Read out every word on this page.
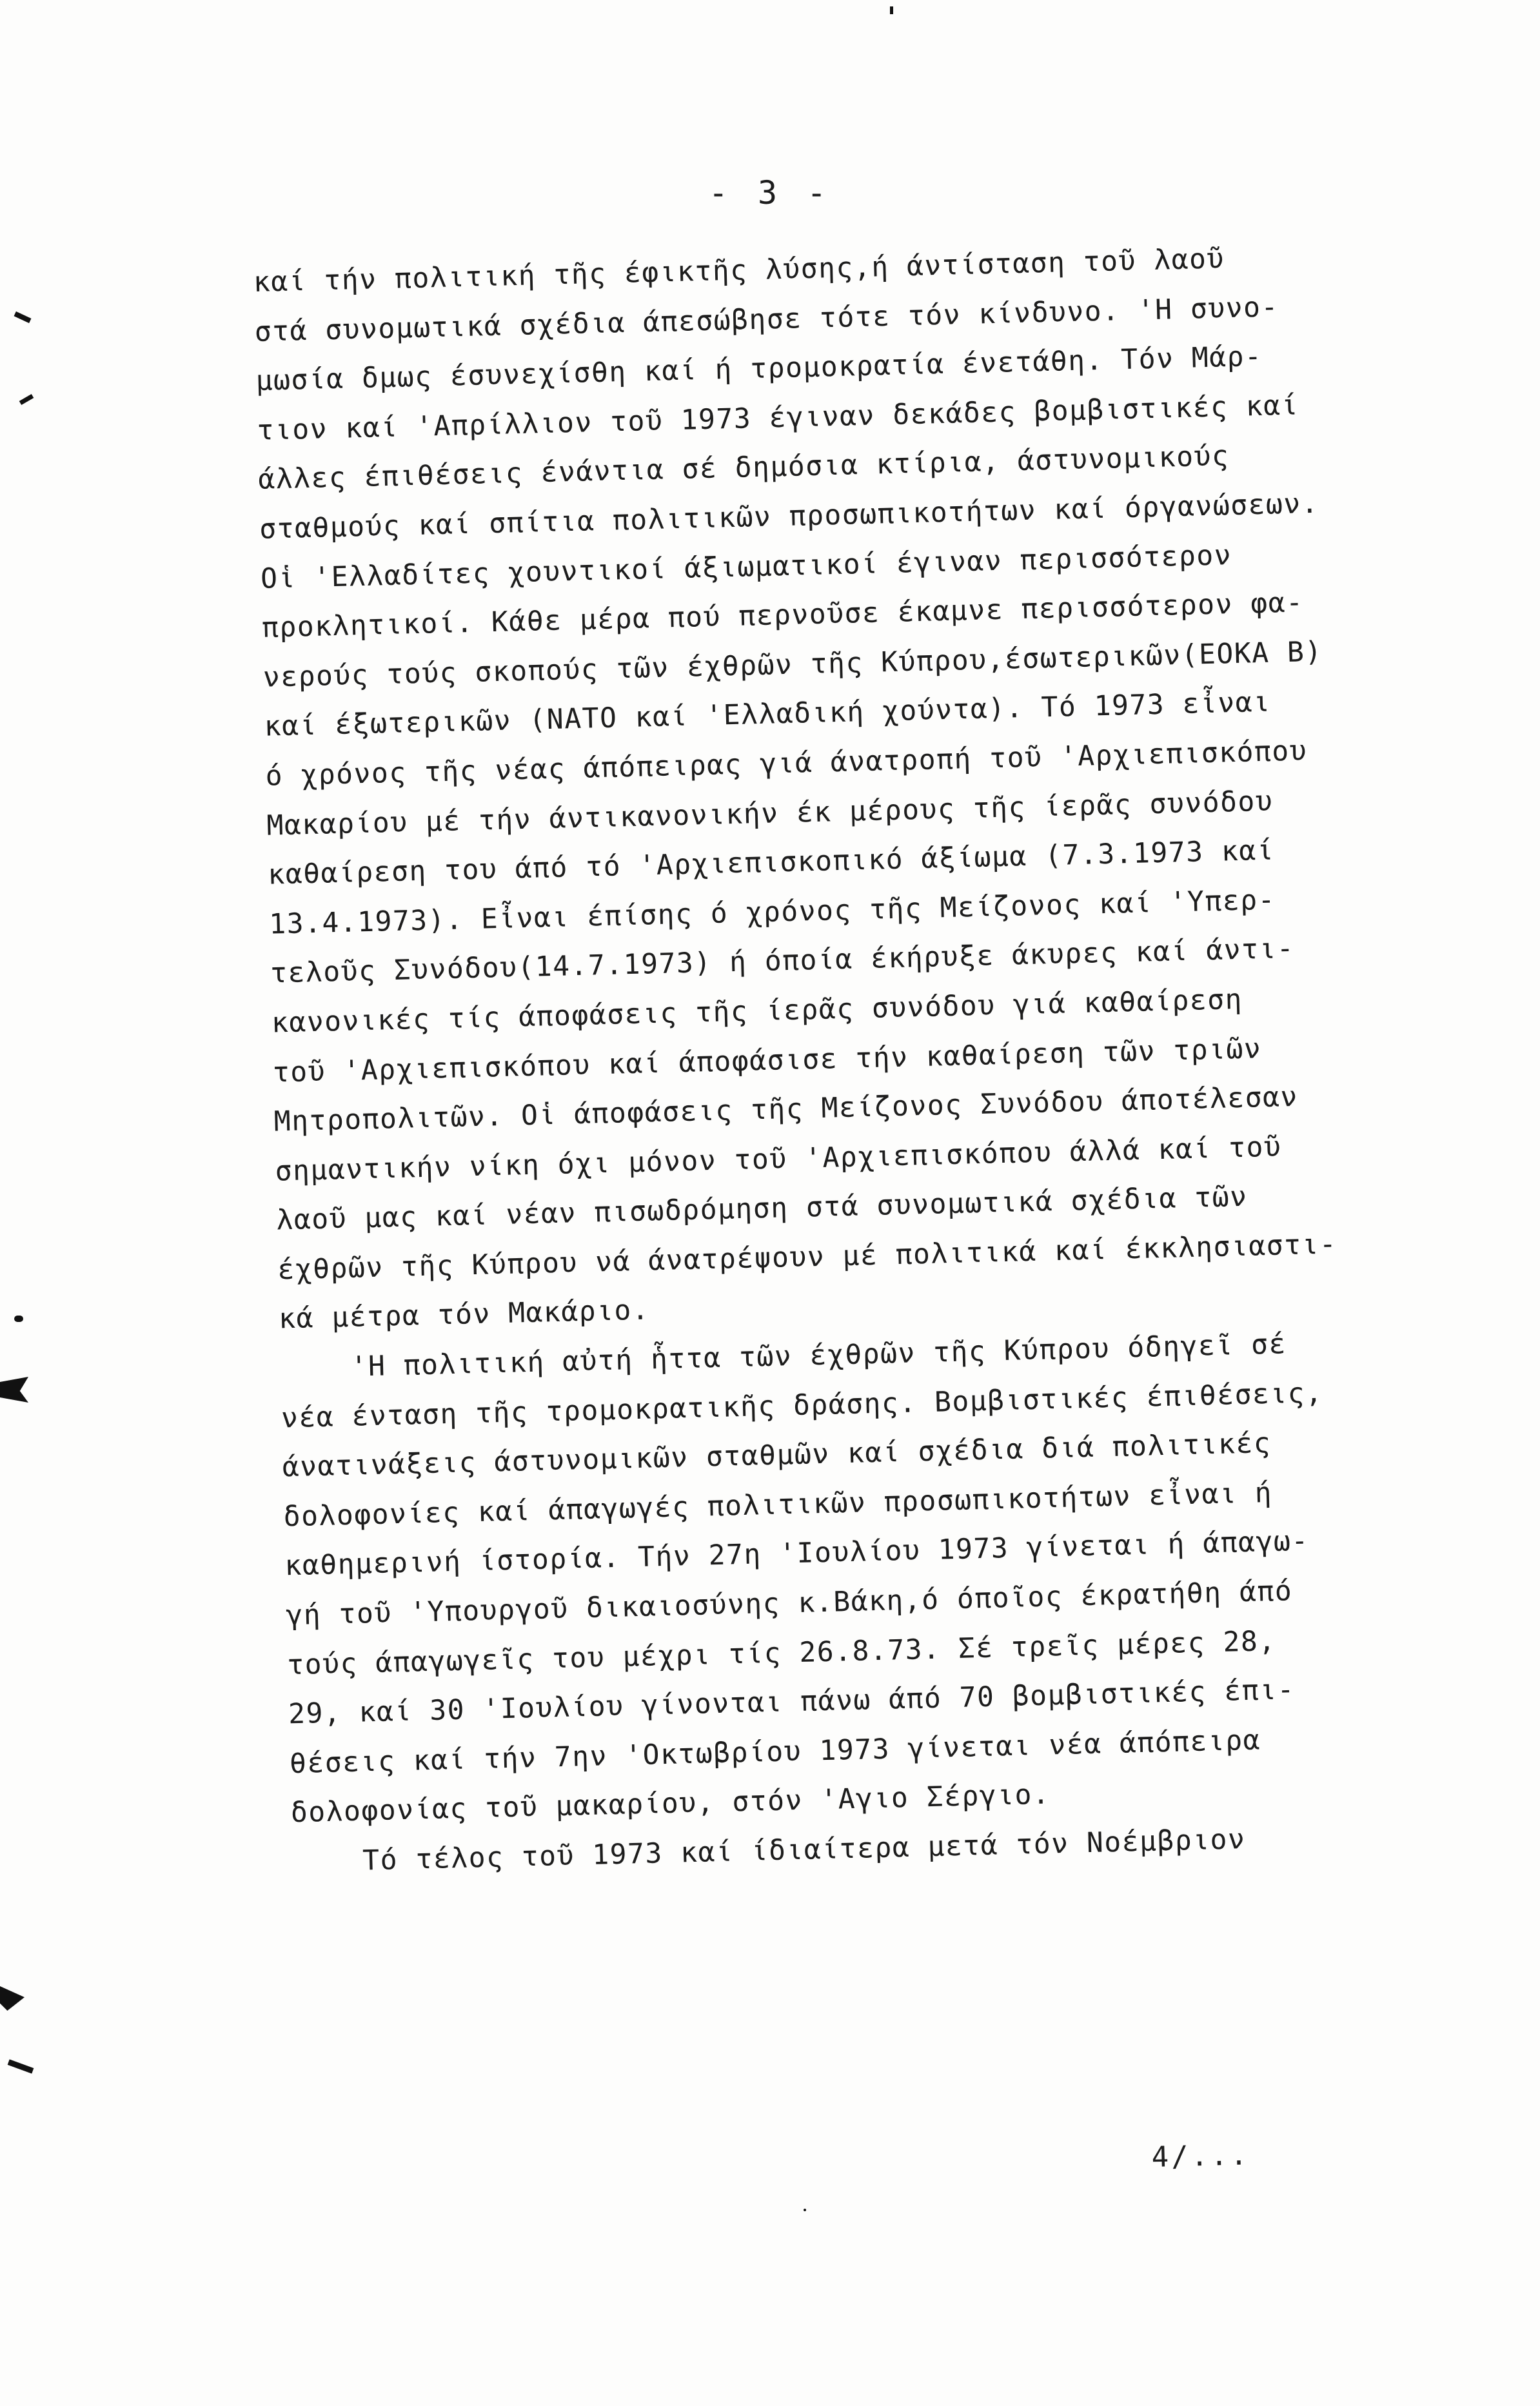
- 3 -
καί τήν πολιτική τῆς έφικτῆς λύσης,ή άντίσταση τοῦ λαοῦ
στά συνομωτικά σχέδια άπεσώβησε τότε τόν κίνδυνο. 'Η συνο-
μωσία δμως έσυνεχίσθη καί ή τρομοκρατία ένετάθη. Τόν Μάρ-
τιον καί 'Απρίλλιον τοῦ 1973 έγιναν δεκάδες βομβιστικές καί
άλλες έπιθέσεις ένάντια σέ δημόσια κτίρια, άστυνομικούς
σταθμούς καί σπίτια πολιτικῶν προσωπικοτήτων καί όργανώσεων.
Οἱ 'Ελλαδίτες χουντικοί άξιωματικοί έγιναν περισσότερον
προκλητικοί. Κάθε μέρα πού περνοῦσε έκαμνε περισσότερον φα-
νερούς τούς σκοπούς τῶν έχθρῶν τῆς Κύπρου,έσωτερικῶν(ΕΟΚΑ Β)
καί έξωτερικῶν (ΝΑΤΟ καί 'Ελλαδική χούντα). Τό 1973 εἶναι
ό χρόνος τῆς νέας άπόπειρας γιά άνατροπή τοῦ 'Αρχιεπισκόπου
Μακαρίου μέ τήν άντικανονικήν έκ μέρους τῆς ίερᾶς συνόδου
καθαίρεση του άπό τό 'Αρχιεπισκοπικό άξίωμα (7.3.1973 καί
13.4.1973). Εἶναι έπίσης ό χρόνος τῆς Μείζονος καί 'Υπερ-
τελοῦς Συνόδου(14.7.1973) ή όποία έκήρυξε άκυρες καί άντι-
κανονικές τίς άποφάσεις τῆς ίερᾶς συνόδου γιά καθαίρεση
τοῦ 'Αρχιεπισκόπου καί άποφάσισε τήν καθαίρεση τῶν τριῶν
Μητροπολιτῶν. Οἱ άποφάσεις τῆς Μείζονος Συνόδου άποτέλεσαν
σημαντικήν νίκη όχι μόνον τοῦ 'Αρχιεπισκόπου άλλά καί τοῦ
λαοῦ μας καί νέαν πισωδρόμηση στά συνομωτικά σχέδια τῶν
έχθρῶν τῆς Κύπρου νά άνατρέψουν μέ πολιτικά καί έκκλησιαστι-
κά μέτρα τόν Μακάριο.
'Η πολιτική αὐτή ἧττα τῶν έχθρῶν τῆς Κύπρου όδηγεῖ σέ
νέα ένταση τῆς τρομοκρατικῆς δράσης. Βομβιστικές έπιθέσεις,
άνατινάξεις άστυνομικῶν σταθμῶν καί σχέδια διά πολιτικές
δολοφονίες καί άπαγωγές πολιτικῶν προσωπικοτήτων εἶναι ή
καθημερινή ίστορία. Τήν 27η 'Ιουλίου 1973 γίνεται ή άπαγω-
γή τοῦ 'Υπουργοῦ δικαιοσύνης κ.Βάκη,ό όποῖος έκρατήθη άπό
τούς άπαγωγεῖς του μέχρι τίς 26.8.73. Σέ τρεῖς μέρες 28,
29, καί 30 'Ιουλίου γίνονται πάνω άπό 70 βομβιστικές έπι-
θέσεις καί τήν 7ην 'Οκτωβρίου 1973 γίνεται νέα άπόπειρα
δολοφονίας τοῦ μακαρίου, στόν 'Αγιο Σέργιο.
Τό τέλος τοῦ 1973 καί ίδιαίτερα μετά τόν Νοέμβριον
4/...
